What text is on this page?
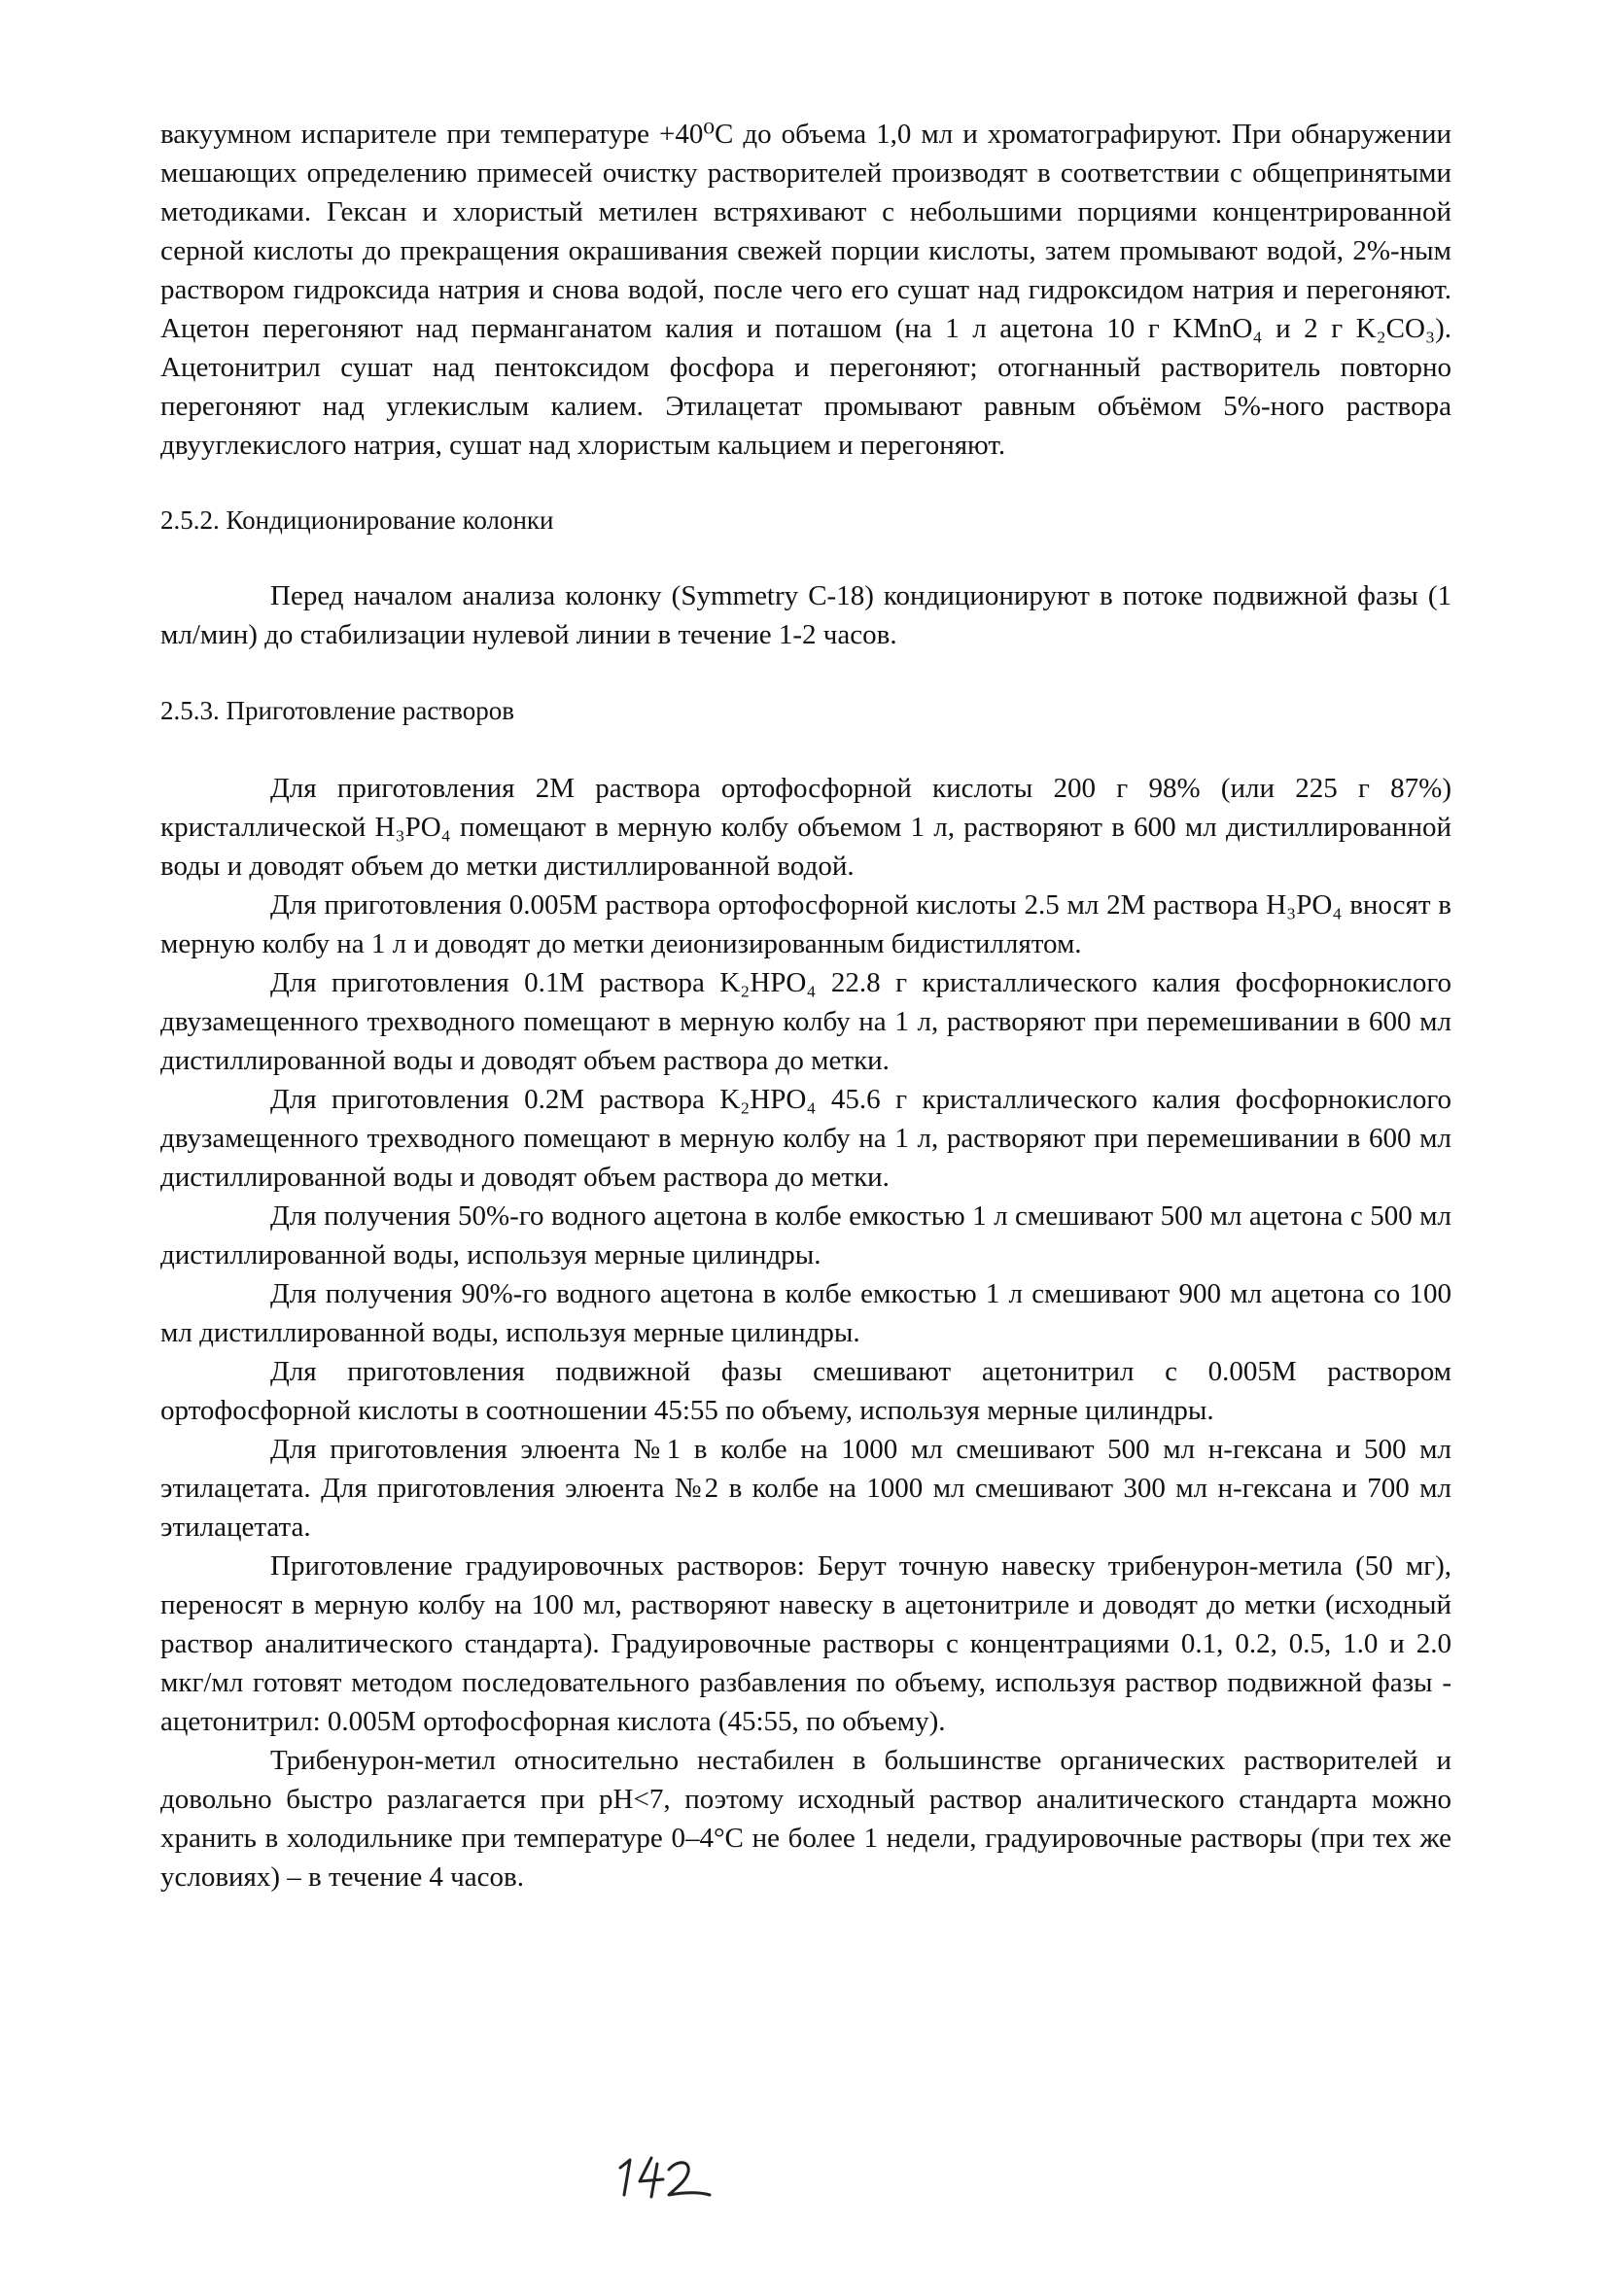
вакуумном испарителе при температуре +40⁰С до объема 1,0 мл и хроматографируют. При обнаружении мешающих определению примесей очистку растворителей производят в соответствии с общепринятыми методиками. Гексан и хлористый метилен встряхивают с небольшими порциями концентрированной серной кислоты до прекращения окрашивания свежей порции кислоты, затем промывают водой, 2%-ным раствором гидроксида натрия и снова водой, после чего его сушат над гидроксидом натрия и перегоняют. Ацетон перегоняют над перманганатом калия и поташом (на 1 л ацетона 10 г KMnO₄ и 2 г K₂CO₃). Ацетонитрил сушат над пентоксидом фосфора и перегоняют; отогнанный растворитель повторно перегоняют над углекислым калием. Этилацетат промывают равным объёмом 5%-ного раствора двууглекислого натрия, сушат над хлористым кальцием и перегоняют.

2.5.2. Кондиционирование колонки

Перед началом анализа колонку (Symmetry C-18) кондиционируют в потоке подвижной фазы (1 мл/мин) до стабилизации нулевой линии в течение 1-2 часов.

2.5.3. Приготовление растворов

Для приготовления 2М раствора ортофосфорной кислоты 200 г 98% (или 225 г 87%) кристаллической H₃PO₄ помещают в мерную колбу объемом 1 л, растворяют в 600 мл дистиллированной воды и доводят объем до метки дистиллированной водой.

Для приготовления 0.005М раствора ортофосфорной кислоты 2.5 мл 2М раствора H₃PO₄ вносят в мерную колбу на 1 л и доводят до метки деионизированным бидистиллятом.

Для приготовления 0.1М раствора K₂HPO₄ 22.8 г кристаллического калия фосфорнокислого двузамещенного трехводного помещают в мерную колбу на 1 л, растворяют при перемешивании в 600 мл дистиллированной воды и доводят объем раствора до метки.

Для приготовления 0.2М раствора K₂HPO₄ 45.6 г кристаллического калия фосфорнокислого двузамещенного трехводного помещают в мерную колбу на 1 л, растворяют при перемешивании в 600 мл дистиллированной воды и доводят объем раствора до метки.

Для получения 50%-го водного ацетона в колбе емкостью 1 л смешивают 500 мл ацетона с 500 мл дистиллированной воды, используя мерные цилиндры.

Для получения 90%-го водного ацетона в колбе емкостью 1 л смешивают 900 мл ацетона со 100 мл дистиллированной воды, используя мерные цилиндры.

Для приготовления подвижной фазы смешивают ацетонитрил с 0.005М раствором ортофосфорной кислоты в соотношении 45:55 по объему, используя мерные цилиндры.

Для приготовления элюента №1 в колбе на 1000 мл смешивают 500 мл н-гексана и 500 мл этилацетата. Для приготовления элюента №2 в колбе на 1000 мл смешивают 300 мл н-гексана и 700 мл этилацетата.

Приготовление градуировочных растворов: Берут точную навеску трибенурон-метила (50 мг), переносят в мерную колбу на 100 мл, растворяют навеску в ацетонитриле и доводят до метки (исходный раствор аналитического стандарта). Градуировочные растворы с концентрациями 0.1, 0.2, 0.5, 1.0 и 2.0 мкг/мл готовят методом последовательного разбавления по объему, используя раствор подвижной фазы - ацетонитрил: 0.005М ортофосфорная кислота (45:55, по объему).

Трибенурон-метил относительно нестабилен в большинстве органических растворителей и довольно быстро разлагается при pH<7, поэтому исходный раствор аналитического стандарта можно хранить в холодильнике при температуре 0–4°С не более 1 недели, градуировочные растворы (при тех же условиях) – в течение 4 часов.
